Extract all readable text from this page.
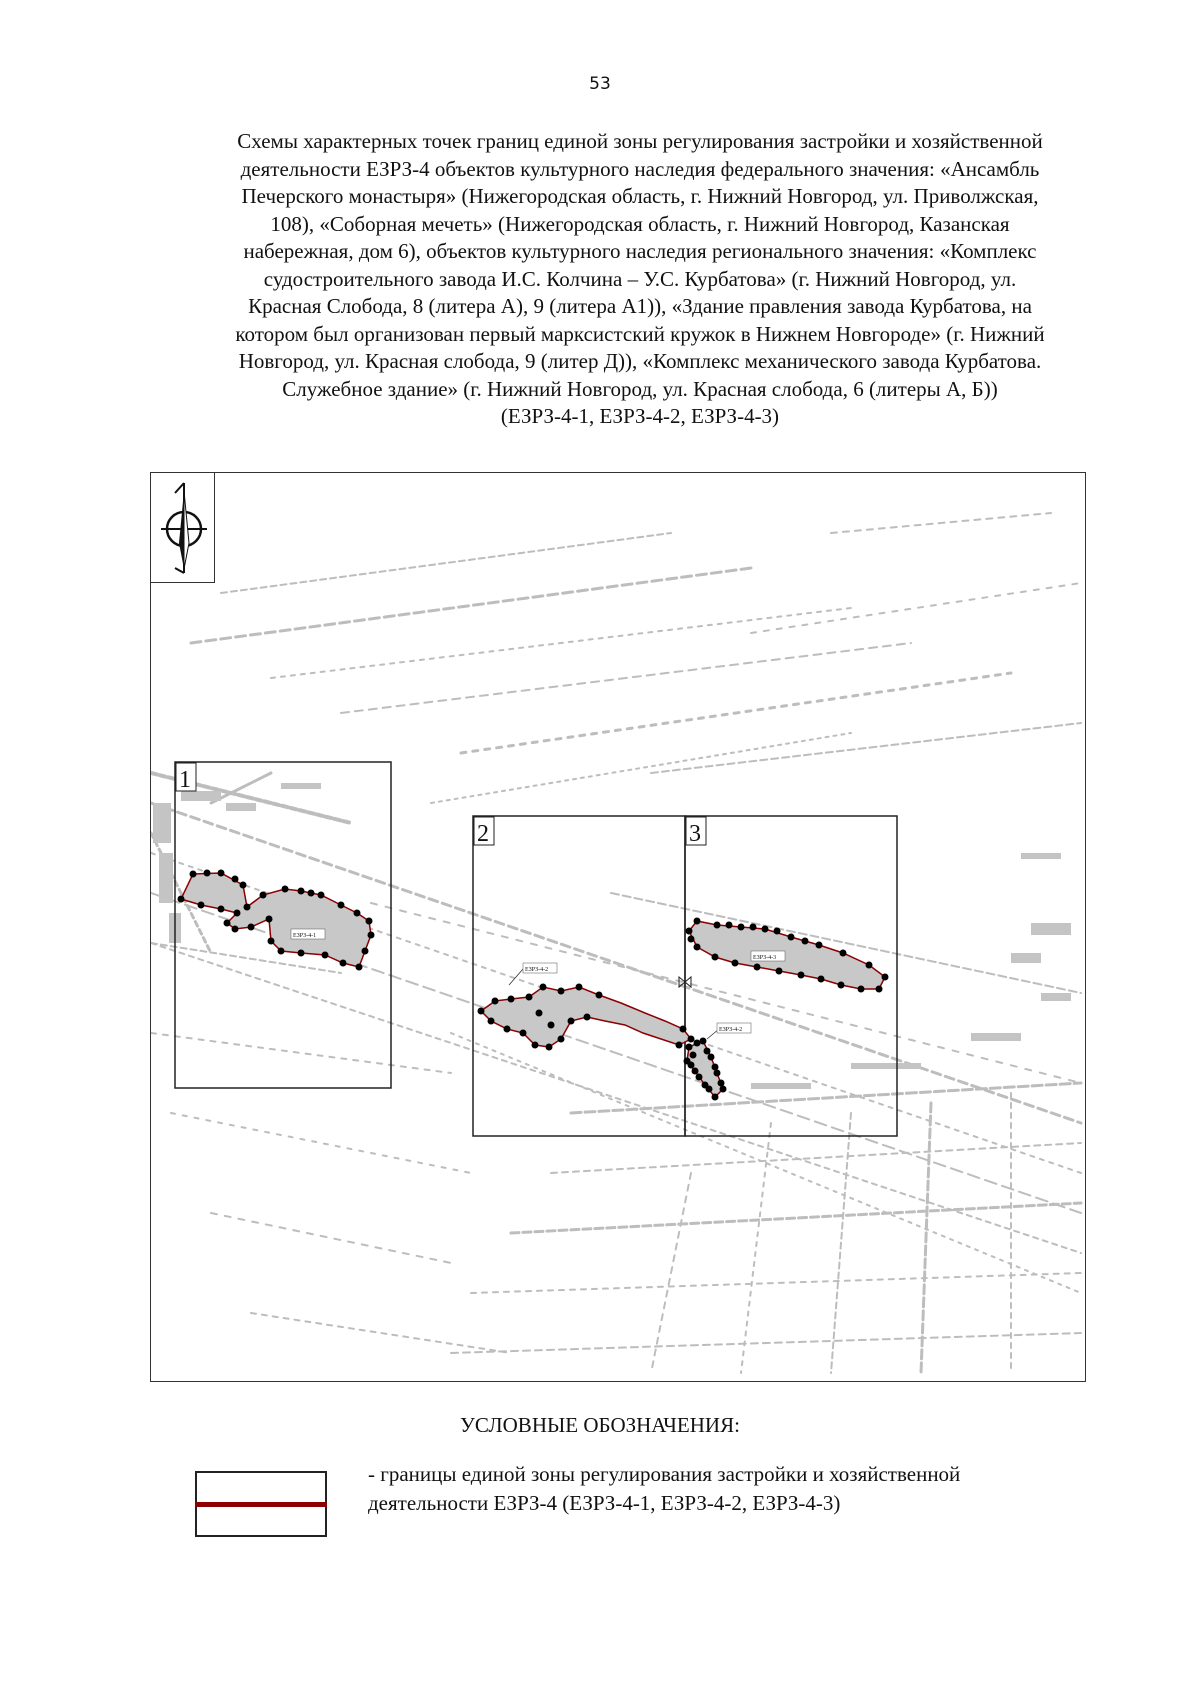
53
Схемы характерных точек границ единой зоны регулирования застройки и хозяйственной
деятельности ЕЗРЗ-4 объектов культурного наследия федерального значения: «Ансамбль
Печерского монастыря» (Нижегородская область, г. Нижний Новгород, ул. Приволжская,
108), «Соборная мечеть» (Нижегородская область, г. Нижний Новгород, Казанская
набережная, дом 6), объектов культурного наследия регионального значения: «Комплекс
судостроительного завода И.С. Колчина – У.С. Курбатова» (г. Нижний Новгород, ул.
Красная Слобода, 8 (литера А), 9 (литера А1)), «Здание правления завода Курбатова, на
котором был организован первый марксистский кружок в Нижнем Новгороде» (г. Нижний
Новгород, ул. Красная слобода, 9 (литер Д)), «Комплекс механического завода Курбатова.
Служебное здание» (г. Нижний Новгород, ул. Красная слобода, 6 (литеры А, Б))
(ЕЗРЗ-4-1, ЕЗРЗ-4-2, ЕЗРЗ-4-3)
1
2	3
ЕЗРЗ-4-1
ЕЗРЗ-4-2
ЕЗРЗ-4-2
ЕЗРЗ-4-3
УСЛОВНЫЕ ОБОЗНАЧЕНИЯ:
- границы единой зоны регулирования застройки и хозяйственной
деятельности ЕЗРЗ-4 (ЕЗРЗ-4-1, ЕЗРЗ-4-2, ЕЗРЗ-4-3)
